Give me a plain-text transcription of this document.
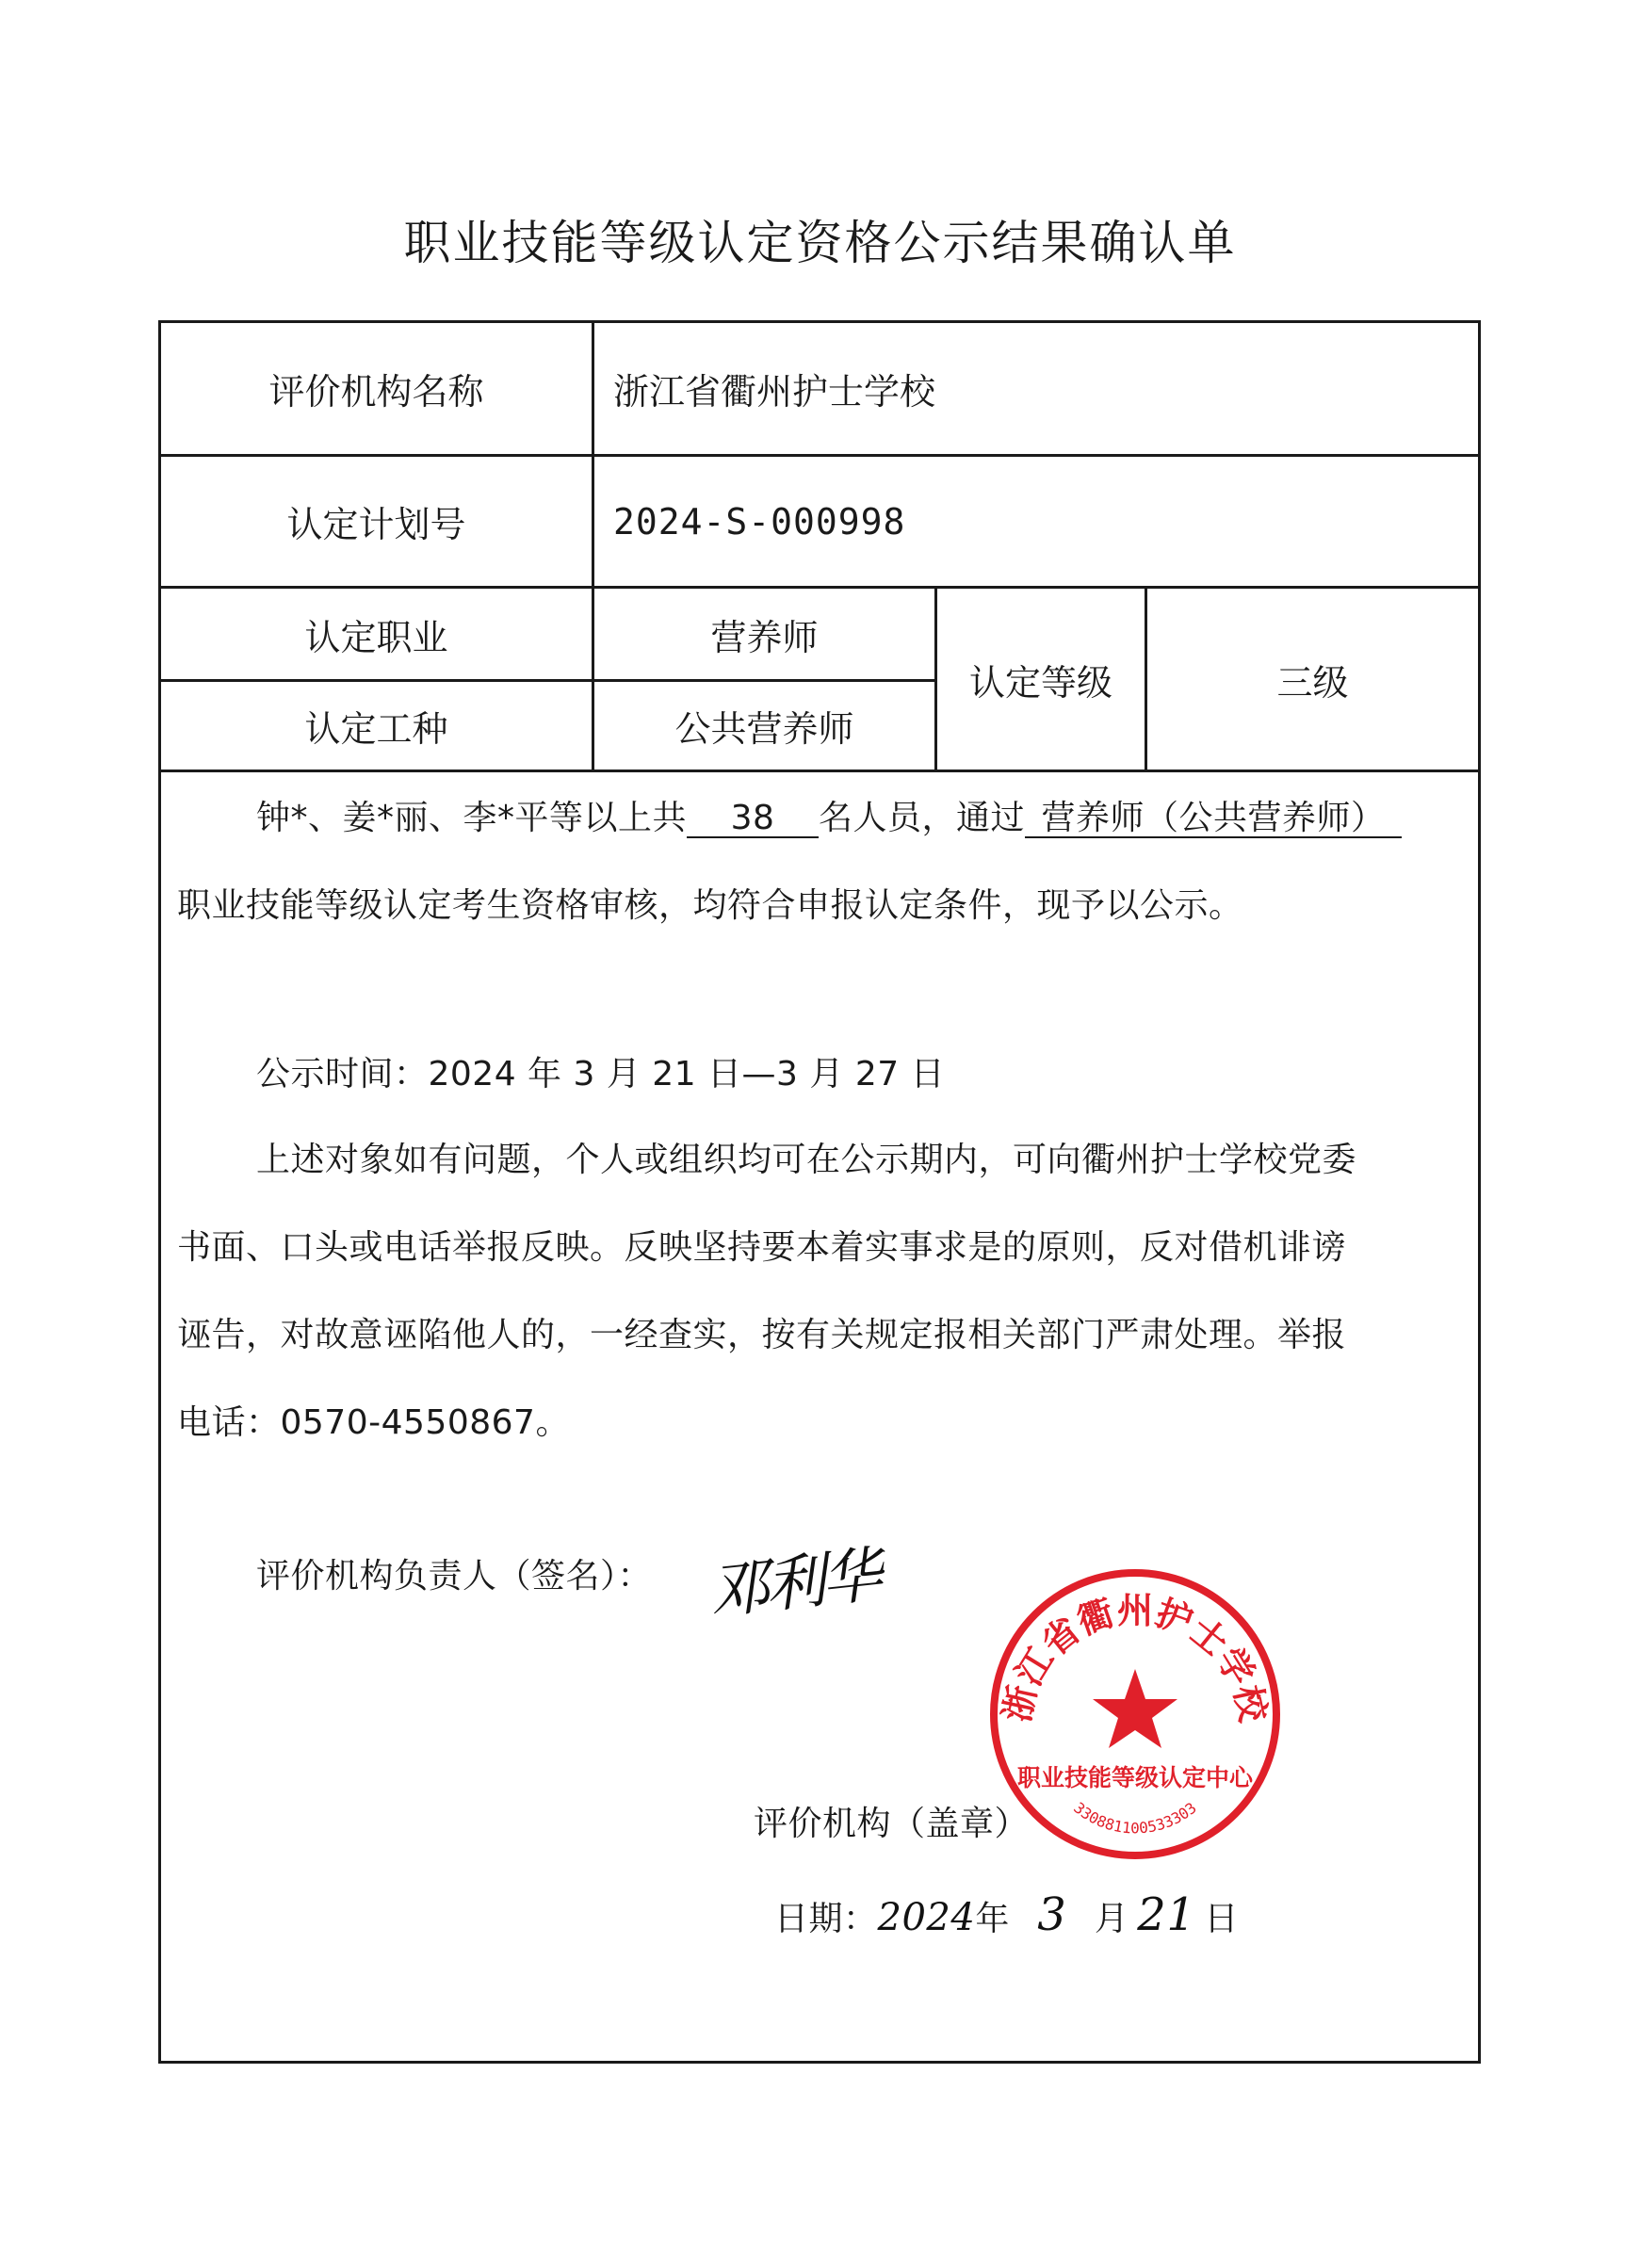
职业技能等级认定资格公示结果确认单
评价机构名称	浙江省衢州护士学校
认定计划号	2024-S-000998
认定职业	营养师
认定工种	公共营养师
认定等级	三级
钟*、姜*丽、李*平等以上共 38 名人员，通过 营养师（公共营养师）
职业技能等级认定考生资格审核，均符合申报认定条件，现予以公示。
公示时间：2024 年 3 月 21 日—3 月 27 日
上述对象如有问题，个人或组织均可在公示期内，可向衢州护士学校党委
书面、口头或电话举报反映。反映坚持要本着实事求是的原则，反对借机诽谤
诬告，对故意诬陷他人的，一经查实，按有关规定报相关部门严肃处理。举报
电话：0570-4550867。
评价机构负责人（签名）： 邓利华
评价机构（盖章）
日期：2024年 3 月 21 日
浙江省衢州护士学校
职业技能等级认定中心
330881100533303
